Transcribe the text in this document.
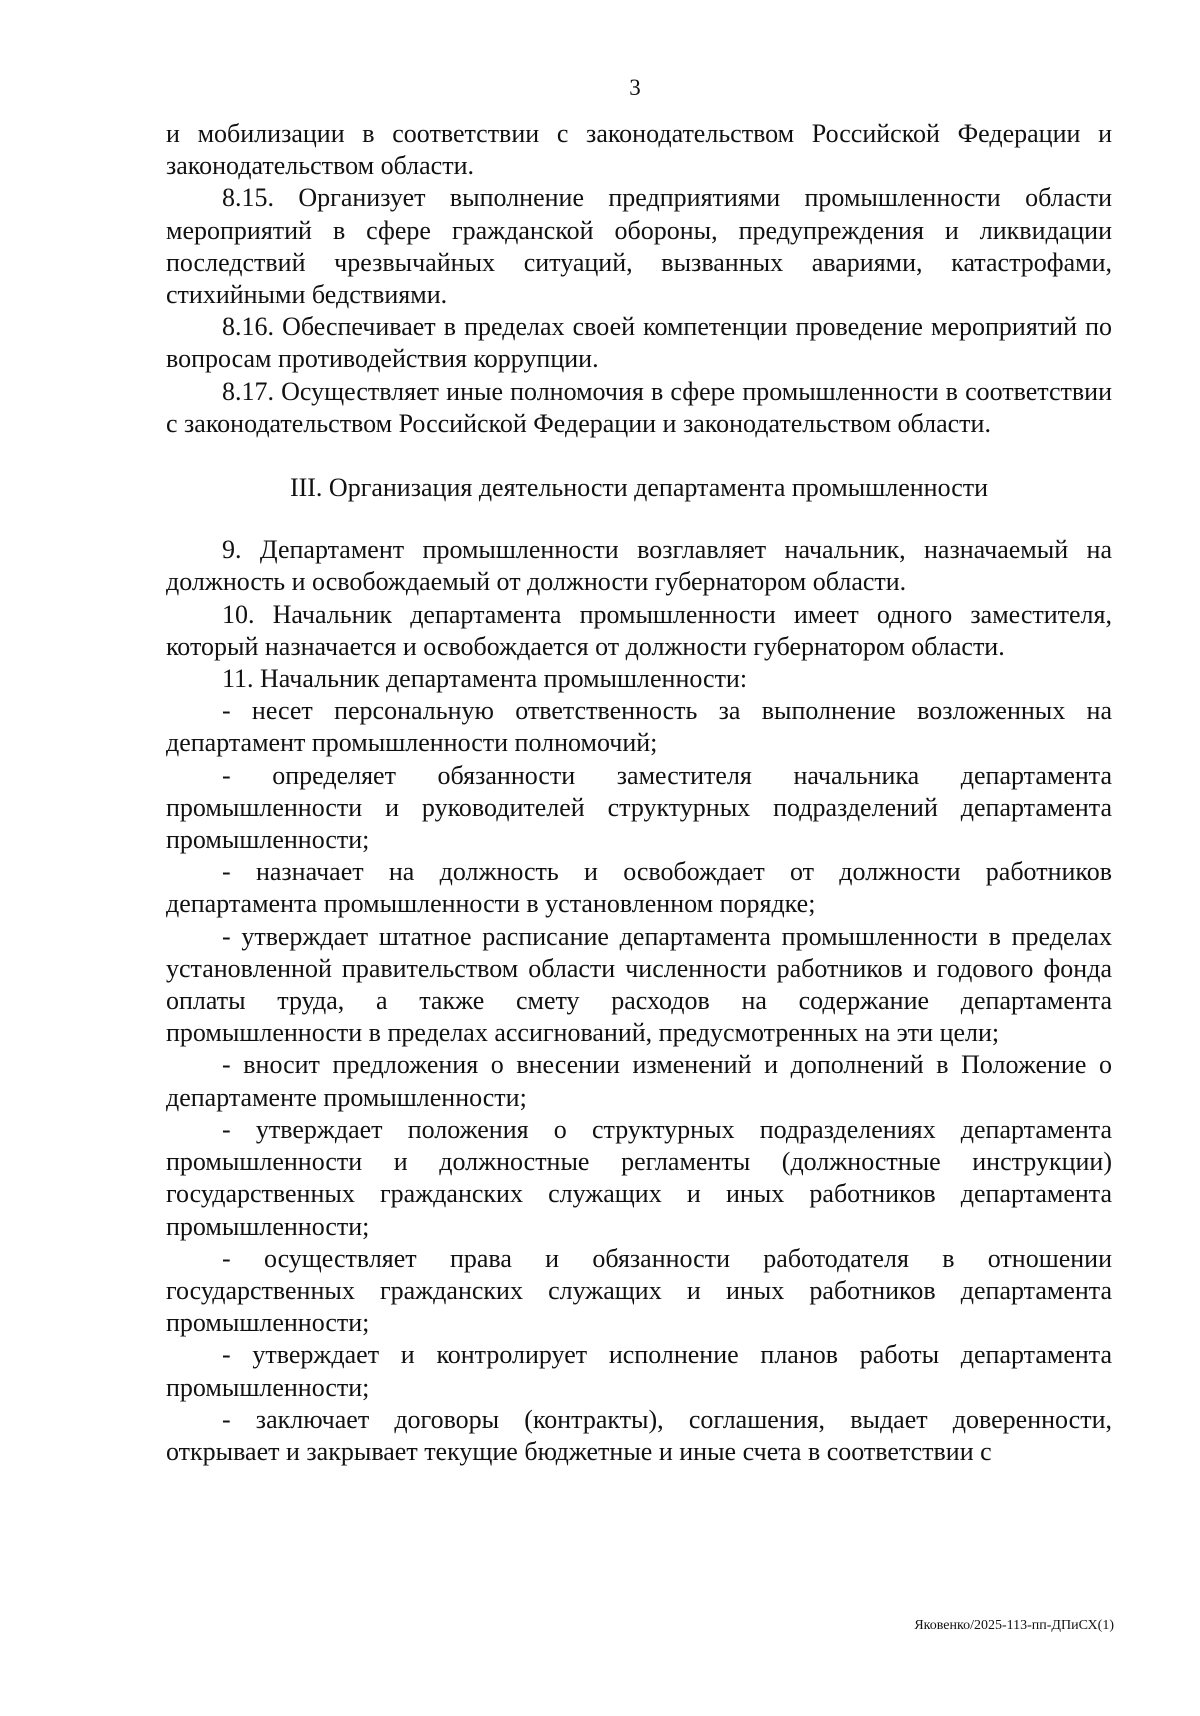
3

и мобилизации в соответствии с законодательством Российской Федерации и законодательством области.

8.15. Организует выполнение предприятиями промышленности области мероприятий в сфере гражданской обороны, предупреждения и ликвидации последствий чрезвычайных ситуаций, вызванных авариями, катастрофами, стихийными бедствиями.

8.16. Обеспечивает в пределах своей компетенции проведение мероприятий по вопросам противодействия коррупции.

8.17. Осуществляет иные полномочия в сфере промышленности в соответствии с законодательством Российской Федерации и законодательством области.

III. Организация деятельности департамента промышленности

9. Департамент промышленности возглавляет начальник, назначаемый на должность и освобождаемый от должности губернатором области.

10. Начальник департамента промышленности имеет одного заместителя, который назначается и освобождается от должности губернатором области.

11. Начальник департамента промышленности:

- несет персональную ответственность за выполнение возложенных на департамент промышленности полномочий;

- определяет обязанности заместителя начальника департамента промышленности и руководителей структурных подразделений департамента промышленности;

- назначает на должность и освобождает от должности работников департамента промышленности в установленном порядке;

- утверждает штатное расписание департамента промышленности в пределах установленной правительством области численности работников и годового фонда оплаты труда, а также смету расходов на содержание департамента промышленности в пределах ассигнований, предусмотренных на эти цели;

- вносит предложения о внесении изменений и дополнений в Положение о департаменте промышленности;

- утверждает положения о структурных подразделениях департамента промышленности и должностные регламенты (должностные инструкции) государственных гражданских служащих и иных работников департамента промышленности;

- осуществляет права и обязанности работодателя в отношении государственных гражданских служащих и иных работников департамента промышленности;

- утверждает и контролирует исполнение планов работы департамента промышленности;

- заключает договоры (контракты), соглашения, выдает доверенности, открывает и закрывает текущие бюджетные и иные счета в соответствии с

Яковенко/2025-113-пп-ДПиСХ(1)
